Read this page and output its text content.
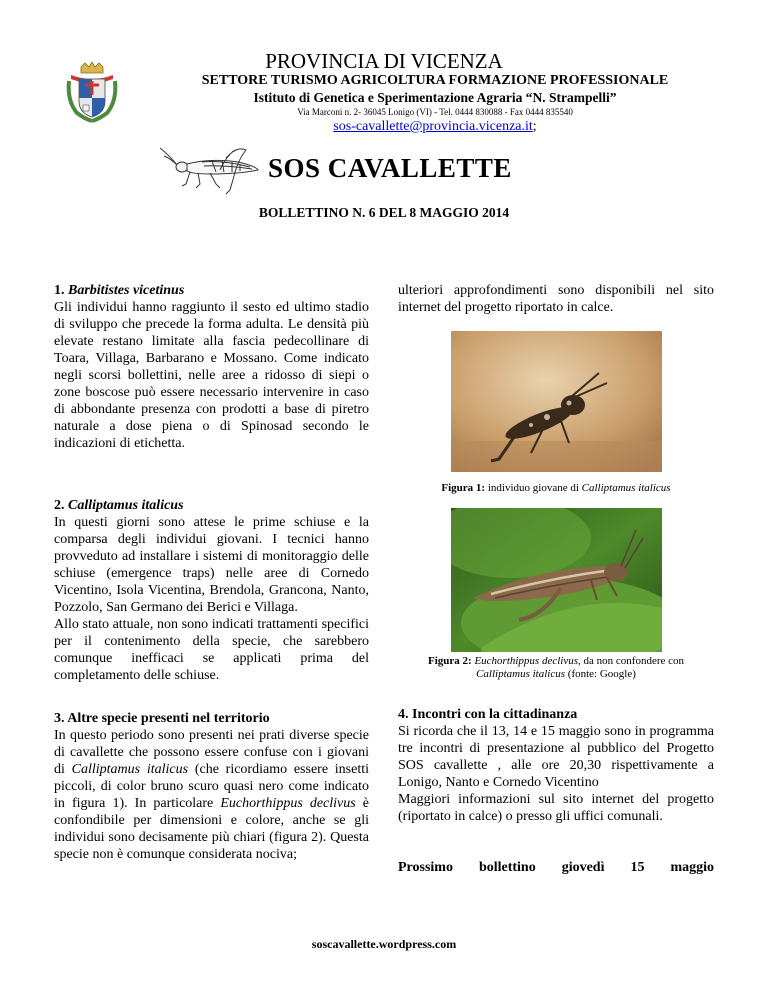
PROVINCIA DI VICENZA
SETTORE TURISMO AGRICOLTURA FORMAZIONE PROFESSIONALE
Istituto di Genetica e Sperimentazione Agraria “N. Strampelli”
Via Marconi n. 2- 36045 Lonigo (VI) - Tel. 0444 830088 - Fax 0444 835540
sos-cavallette@provincia.vicenza.it;
SOS CAVALLETTE
BOLLETTINO N. 6 DEL 8 MAGGIO 2014

1. Barbitistes vicetinus

Gli individui hanno raggiunto il sesto ed ultimo stadio di sviluppo che precede la forma adulta. Le densità più elevate restano limitate alla fascia pedecollinare di Toara, Villaga, Barbarano e Mossano. Come indicato negli scorsi bollettini, nelle aree a ridosso di siepi o zone boscose può essere necessario intervenire in caso di abbondante presenza con prodotti a base di piretro naturale a dose piena o di Spinosad secondo le indicazioni di etichetta.

2. Calliptamus italicus

In questi giorni sono attese le prime schiuse e la comparsa degli individui giovani. I tecnici hanno provveduto ad installare i sistemi di monitoraggio delle schiuse (emergence traps) nelle aree di Cornedo Vicentino, Isola Vicentina, Brendola, Grancona, Nanto, Pozzolo, San Germano dei Berici e Villaga.

Allo stato attuale, non sono indicati trattamenti specifici per il contenimento della specie, che sarebbero comunque inefficaci se applicati prima del completamento delle schiuse.

3. Altre specie presenti nel territorio

In questo periodo sono presenti nei prati diverse specie di cavallette che possono essere confuse con i giovani di Calliptamus italicus (che ricordiamo essere insetti piccoli, di color bruno scuro quasi nero come indicato in figura 1). In particolare Euchorthippus declivus è confondibile per dimensioni e colore, anche se gli individui sono decisamente più chiari (figura 2). Questa specie non è comunque considerata nociva;

ulteriori approfondimenti sono disponibili nel sito internet del progetto riportato in calce.
Figura 1: individuo giovane di Calliptamus italicus
Figura 2: Euchorthippus declivus, da non confondere con
Calliptamus italicus (fonte: Google)

4. Incontri con la cittadinanza

Si ricorda che il 13, 14 e 15 maggio sono in programma tre incontri di presentazione al pubblico del Progetto SOS cavallette , alle ore 20,30 rispettivamente a Lonigo, Nanto e Cornedo Vicentino

Maggiori informazioni sul sito internet del progetto (riportato in calce) o presso gli uffici comunali.

Prossimo bollettino giovedì 15 maggio
soscavallette.wordpress.com
